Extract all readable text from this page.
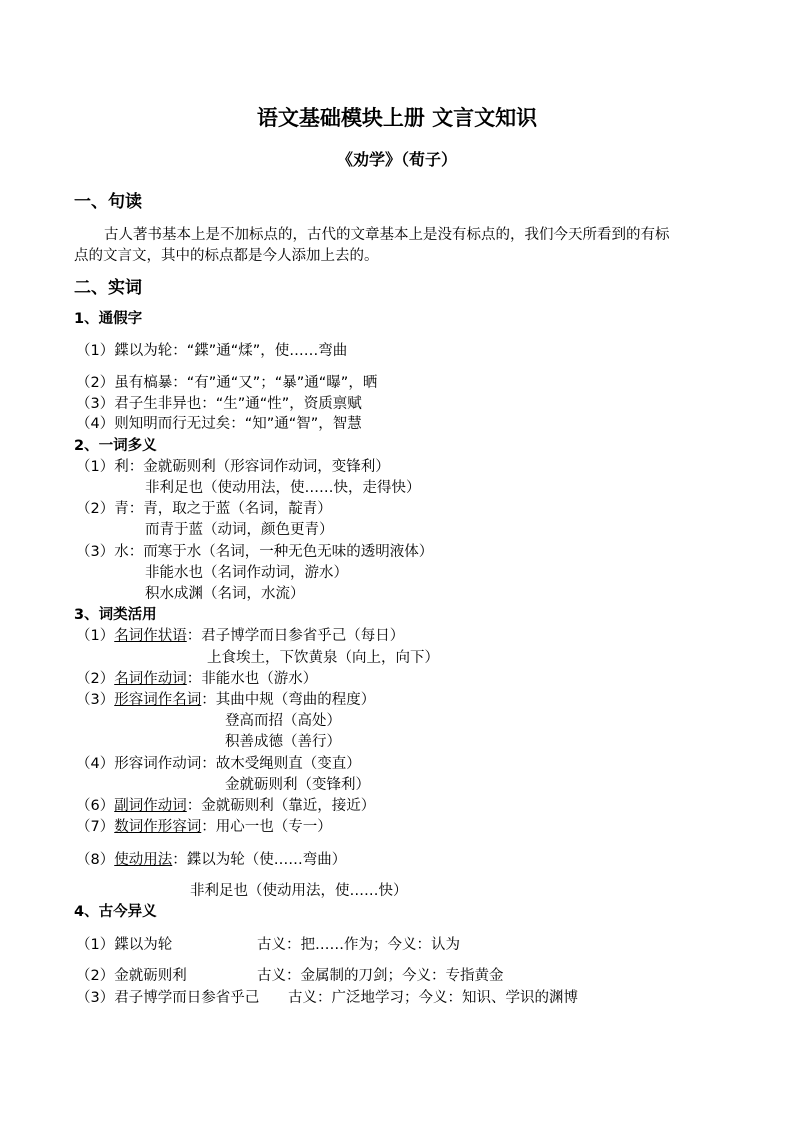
语文基础模块上册 文言文知识
《劝学》（荀子）
一、句读
古人著书基本上是不加标点的，古代的文章基本上是没有标点的，我们今天所看到的有标
点的文言文，其中的标点都是今人添加上去的。
二、实词
1、通假字
（1）鍱以为轮：“鍱”通“煣”，使……弯曲
（2）虽有槁暴：“有”通“又”；“暴”通“曝”，晒
（3）君子生非异也：“生”通“性”，资质禀赋
（4）则知明而行无过矣：“知”通“智”，智慧
2、一词多义
（1）利：金就砺则利（形容词作动词，变锋利）
非利足也（使动用法，使……快，走得快）
（2）青：青，取之于蓝（名词，靛青）
而青于蓝（动词，颜色更青）
（3）水：而寒于水（名词，一种无色无味的透明液体）
非能水也（名词作动词，游水）
积水成渊（名词，水流）
3、词类活用
（1）名词作状语：君子博学而日参省乎己（每日）
上食埃土，下饮黄泉（向上，向下）
（2）名词作动词：非能水也（游水）
（3）形容词作名词：其曲中规（弯曲的程度）
登高而招（高处）
积善成德（善行）
（4）形容词作动词：故木受绳则直（变直）
金就砺则利（变锋利）
（6）副词作动词：金就砺则利（靠近，接近）
（7）数词作形容词：用心一也（专一）
（8）使动用法：鍱以为轮（使……弯曲）
非利足也（使动用法，使……快）
4、古今异义
（1）鍱以为轮	古义：把……作为；今义：认为
（2）金就砺则利	古义：金属制的刀剑；今义：专指黄金
（3）君子博学而日参省乎己 古义：广泛地学习；今义：知识、学识的渊博
